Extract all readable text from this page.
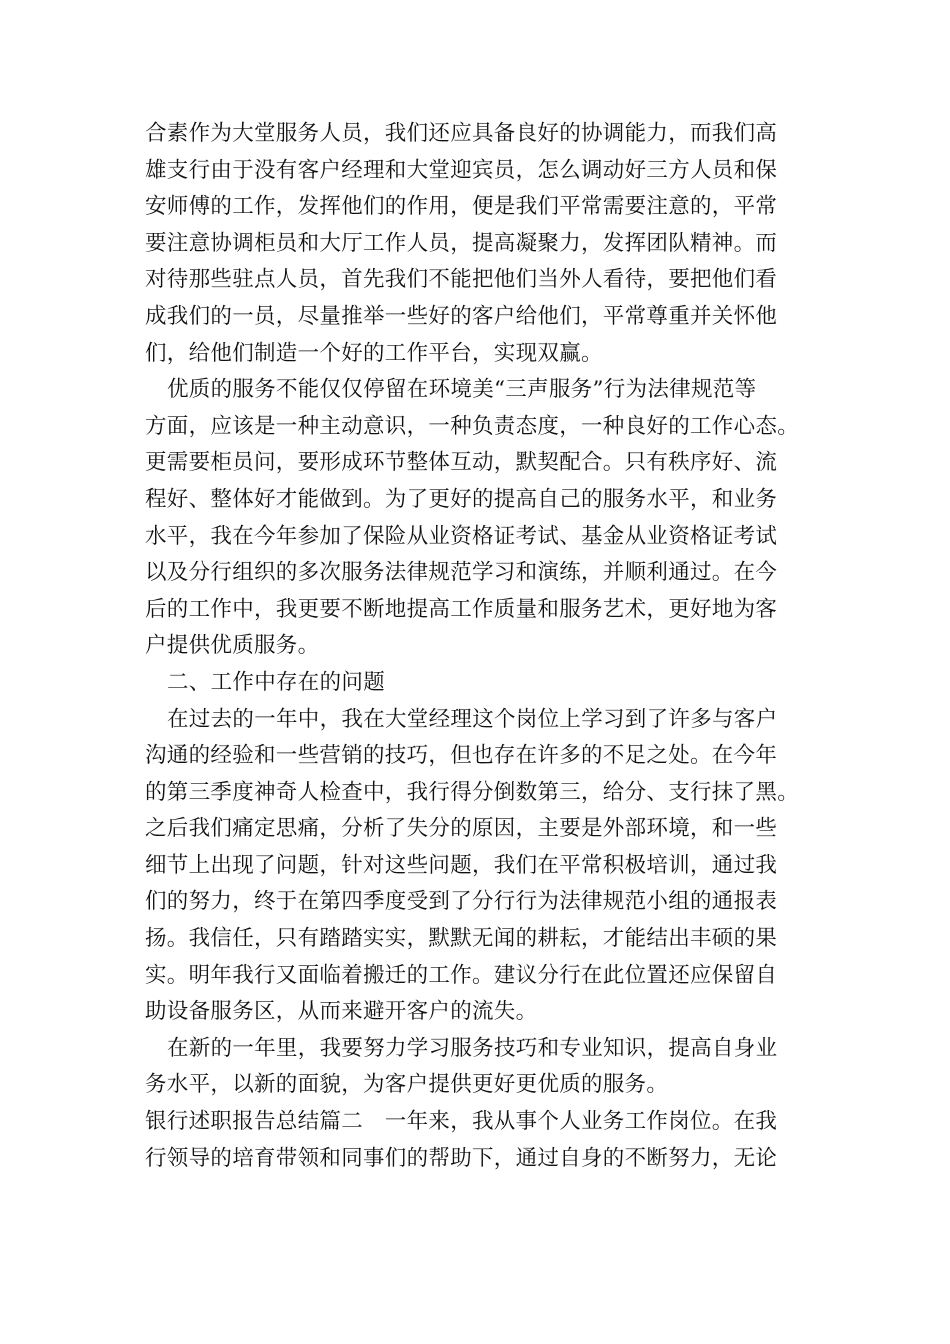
合素作为大堂服务人员，我们还应具备良好的协调能力，而我们高
雄支行由于没有客户经理和大堂迎宾员，怎么调动好三方人员和保
安师傅的工作，发挥他们的作用，便是我们平常需要注意的，平常
要注意协调柜员和大厅工作人员，提高凝聚力，发挥团队精神。而
对待那些驻点人员，首先我们不能把他们当外人看待，要把他们看
成我们的一员，尽量推举一些好的客户给他们，平常尊重并关怀他
们，给他们制造一个好的工作平台，实现双赢。
优质的服务不能仅仅停留在环境美“三声服务”行为法律规范等
方面，应该是一种主动意识，一种负责态度，一种良好的工作心态。
更需要柜员问，要形成环节整体互动，默契配合。只有秩序好、流
程好、整体好才能做到。为了更好的提高自己的服务水平，和业务
水平，我在今年参加了保险从业资格证考试、基金从业资格证考试
以及分行组织的多次服务法律规范学习和演练，并顺利通过。在今
后的工作中，我更要不断地提高工作质量和服务艺术，更好地为客
户提供优质服务。
二、工作中存在的问题
在过去的一年中，我在大堂经理这个岗位上学习到了许多与客户
沟通的经验和一些营销的技巧，但也存在许多的不足之处。在今年
的第三季度神奇人检查中，我行得分倒数第三，给分、支行抹了黑。
之后我们痛定思痛，分析了失分的原因，主要是外部环境，和一些
细节上出现了问题，针对这些问题，我们在平常积极培训，通过我
们的努力，终于在第四季度受到了分行行为法律规范小组的通报表
扬。我信任，只有踏踏实实，默默无闻的耕耘，才能结出丰硕的果
实。明年我行又面临着搬迁的工作。建议分行在此位置还应保留自
助设备服务区，从而来避开客户的流失。
在新的一年里，我要努力学习服务技巧和专业知识，提高自身业
务水平，以新的面貌，为客户提供更好更优质的服务。
银行述职报告总结篇二　一年来，我从事个人业务工作岗位。在我
行领导的培育带领和同事们的帮助下，通过自身的不断努力，无论
